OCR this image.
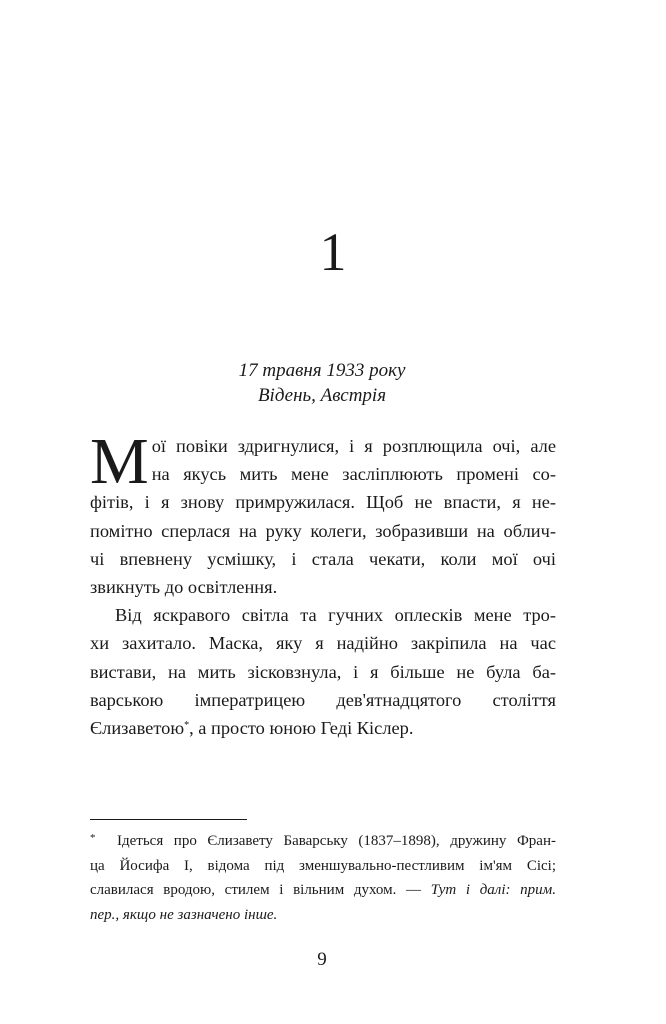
1
17 травня 1933 року
Відень, Австрія
М ої повіки здригнулися, і я розплющила очі, але
на якусь мить мене засліплюють промені со-
фітів, і я знову примружилася. Щоб не впасти, я не-
помітно сперлася на руку колеги, зобразивши на облич-
чі впевнену усмішку, і стала чекати, коли мої очі
звикнуть до освітлення.
Від яскравого світла та гучних оплесків мене тро-
хи захитало. Маска, яку я надійно закріпила на час
вистави, на мить зісковзнула, і я більше не була ба-
варською імператрицею дев'ятнадцятого століття
Єлизаветою*, а просто юною Геді Кіслер.
*	Ідеться про Єлизавету Баварську (1837–1898), дружину Фран-
ца Йосифа I, відома під зменшувально-пестливим ім'ям Сісі;
славилася вродою, стилем і вільним духом. — Тут і далі: прим.
пер., якщо не зазначено інше.
9
